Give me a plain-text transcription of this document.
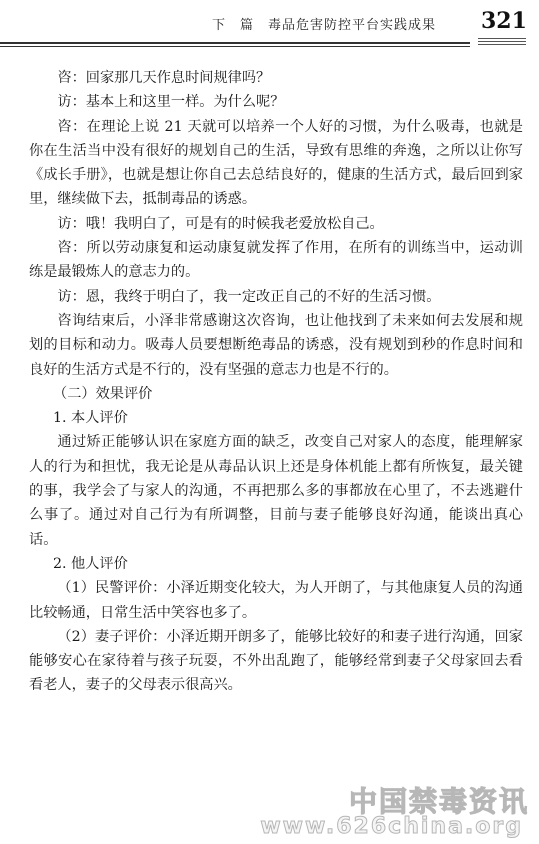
下 篇 毒品危害防控平台实践成果 321

咨：回家那几天作息时间规律吗？

访：基本上和这里一样。为什么呢？

咨：在理论上说 21 天就可以培养一个人好的习惯，为什么吸毒，也就是你在生活当中没有很好的规划自己的生活，导致有思维的奔逸，之所以让你写《成长手册》，也就是想让你自己去总结良好的，健康的生活方式，最后回到家里，继续做下去，抵制毒品的诱惑。

访：哦！我明白了，可是有的时候我老爱放松自己。

咨：所以劳动康复和运动康复就发挥了作用，在所有的训练当中，运动训练是最锻炼人的意志力的。

访：恩，我终于明白了，我一定改正自己的不好的生活习惯。

咨询结束后，小泽非常感谢这次咨询，也让他找到了未来如何去发展和规划的目标和动力。吸毒人员要想断绝毒品的诱惑，没有规划到秒的作息时间和良好的生活方式是不行的，没有坚强的意志力也是不行的。

（二）效果评价

1. 本人评价

通过矫正能够认识在家庭方面的缺乏，改变自己对家人的态度，能理解家人的行为和担忧，我无论是从毒品认识上还是身体机能上都有所恢复，最关键的事，我学会了与家人的沟通，不再把那么多的事都放在心里了，不去逃避什么事了。通过对自己行为有所调整，目前与妻子能够良好沟通，能谈出真心话。

2. 他人评价

（1）民警评价：小泽近期变化较大，为人开朗了，与其他康复人员的沟通比较畅通，日常生活中笑容也多了。

（2）妻子评价：小泽近期开朗多了，能够比较好的和妻子进行沟通，回家能够安心在家待着与孩子玩耍，不外出乱跑了，能够经常到妻子父母家回去看看老人，妻子的父母表示很高兴。

中国禁毒资讯
www.626china.org
